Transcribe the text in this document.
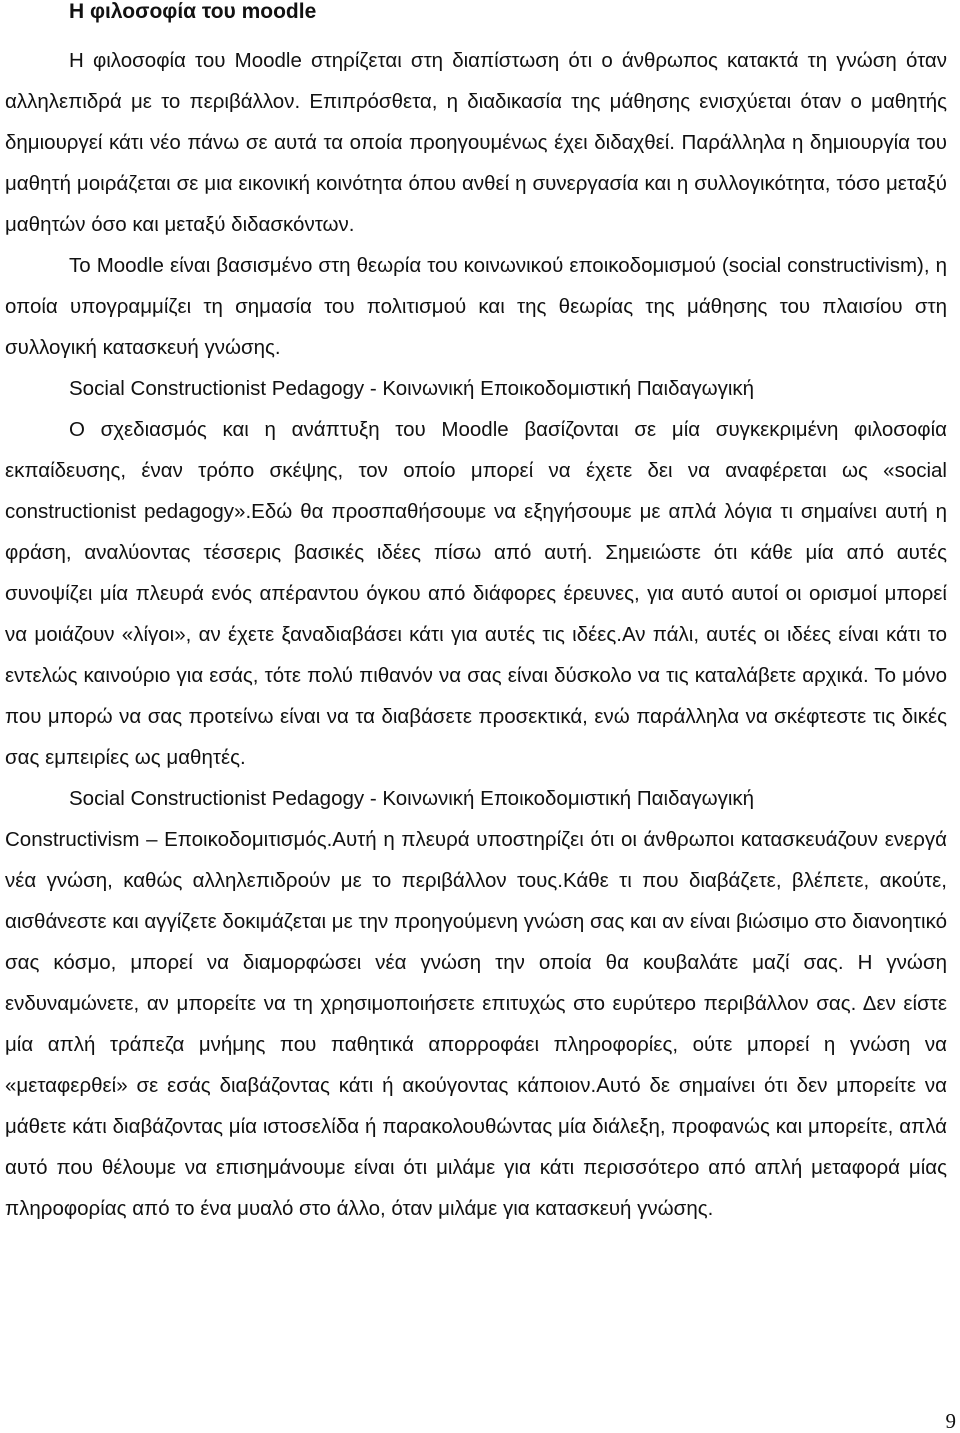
Η φιλοσοφία του moodle

Η φιλοσοφία του Moodle στηρίζεται στη διαπίστωση ότι ο άνθρωπος κατακτά τη γνώση όταν αλληλεπιδρά με το περιβάλλον. Επιπρόσθετα, η διαδικασία της μάθησης ενισχύεται όταν ο μαθητής δημιουργεί κάτι νέο πάνω σε αυτά τα οποία προηγουμένως έχει διδαχθεί. Παράλληλα η δημιουργία του μαθητή μοιράζεται σε μια εικονική κοινότητα όπου ανθεί η συνεργασία και η συλλογικότητα, τόσο μεταξύ μαθητών όσο και μεταξύ διδασκόντων.

Το Moodle είναι βασισμένο στη θεωρία του κοινωνικού εποικοδομισμού (social constructivism), η οποία υπογραμμίζει τη σημασία του πολιτισμού και της θεωρίας της μάθησης του πλαισίου στη συλλογική κατασκευή γνώσης.

Social Constructionist Pedagogy - Κοινωνική Εποικοδομιστική Παιδαγωγική

Ο σχεδιασμός και η ανάπτυξη του Moodle βασίζονται σε μία συγκεκριμένη φιλοσοφία εκπαίδευσης, έναν τρόπο σκέψης, τον οποίο μπορεί να έχετε δει να αναφέρεται ως «social constructionist pedagogy».Εδώ θα προσπαθήσουμε να εξηγήσουμε με απλά λόγια τι σημαίνει αυτή η φράση, αναλύοντας τέσσερις βασικές ιδέες πίσω από αυτή. Σημειώστε ότι κάθε μία από αυτές συνοψίζει μία πλευρά ενός απέραντου όγκου από διάφορες έρευνες, για αυτό αυτοί οι ορισμοί μπορεί να μοιάζουν «λίγοι», αν έχετε ξαναδιαβάσει κάτι για αυτές τις ιδέες.Αν πάλι, αυτές οι ιδέες είναι κάτι το εντελώς καινούριο για εσάς, τότε πολύ πιθανόν να σας είναι δύσκολο να τις καταλάβετε αρχικά. Το μόνο που μπορώ να σας προτείνω είναι να τα διαβάσετε προσεκτικά, ενώ παράλληλα να σκέφτεστε τις δικές σας εμπειρίες ως μαθητές.

Social Constructionist Pedagogy - Κοινωνική Εποικοδομιστική Παιδαγωγική
Constructivism – Εποικοδομιτισμός.Αυτή η πλευρά υποστηρίζει ότι οι άνθρωποι κατασκευάζουν ενεργά νέα γνώση, καθώς αλληλεπιδρούν με το περιβάλλον τους.Κάθε τι που διαβάζετε, βλέπετε, ακούτε, αισθάνεστε και αγγίζετε δοκιμάζεται με την προηγούμενη γνώση σας και αν είναι βιώσιμο στο διανοητικό σας κόσμο, μπορεί να διαμορφώσει νέα γνώση την οποία θα κουβαλάτε μαζί σας. Η γνώση ενδυναμώνετε, αν μπορείτε να τη χρησιμοποιήσετε επιτυχώς στο ευρύτερο περιβάλλον σας. Δεν είστε μία απλή τράπεζα μνήμης που παθητικά απορροφάει πληροφορίες, ούτε μπορεί η γνώση να «μεταφερθεί» σε εσάς διαβάζοντας κάτι ή ακούγοντας κάποιον.Αυτό δε σημαίνει ότι δεν μπορείτε να μάθετε κάτι διαβάζοντας μία ιστοσελίδα ή παρακολουθώντας μία διάλεξη, προφανώς και μπορείτε, απλά αυτό που θέλουμε να επισημάνουμε είναι ότι μιλάμε για κάτι περισσότερο από απλή μεταφορά μίας πληροφορίας από το ένα μυαλό στο άλλο, όταν μιλάμε για κατασκευή γνώσης.

9
